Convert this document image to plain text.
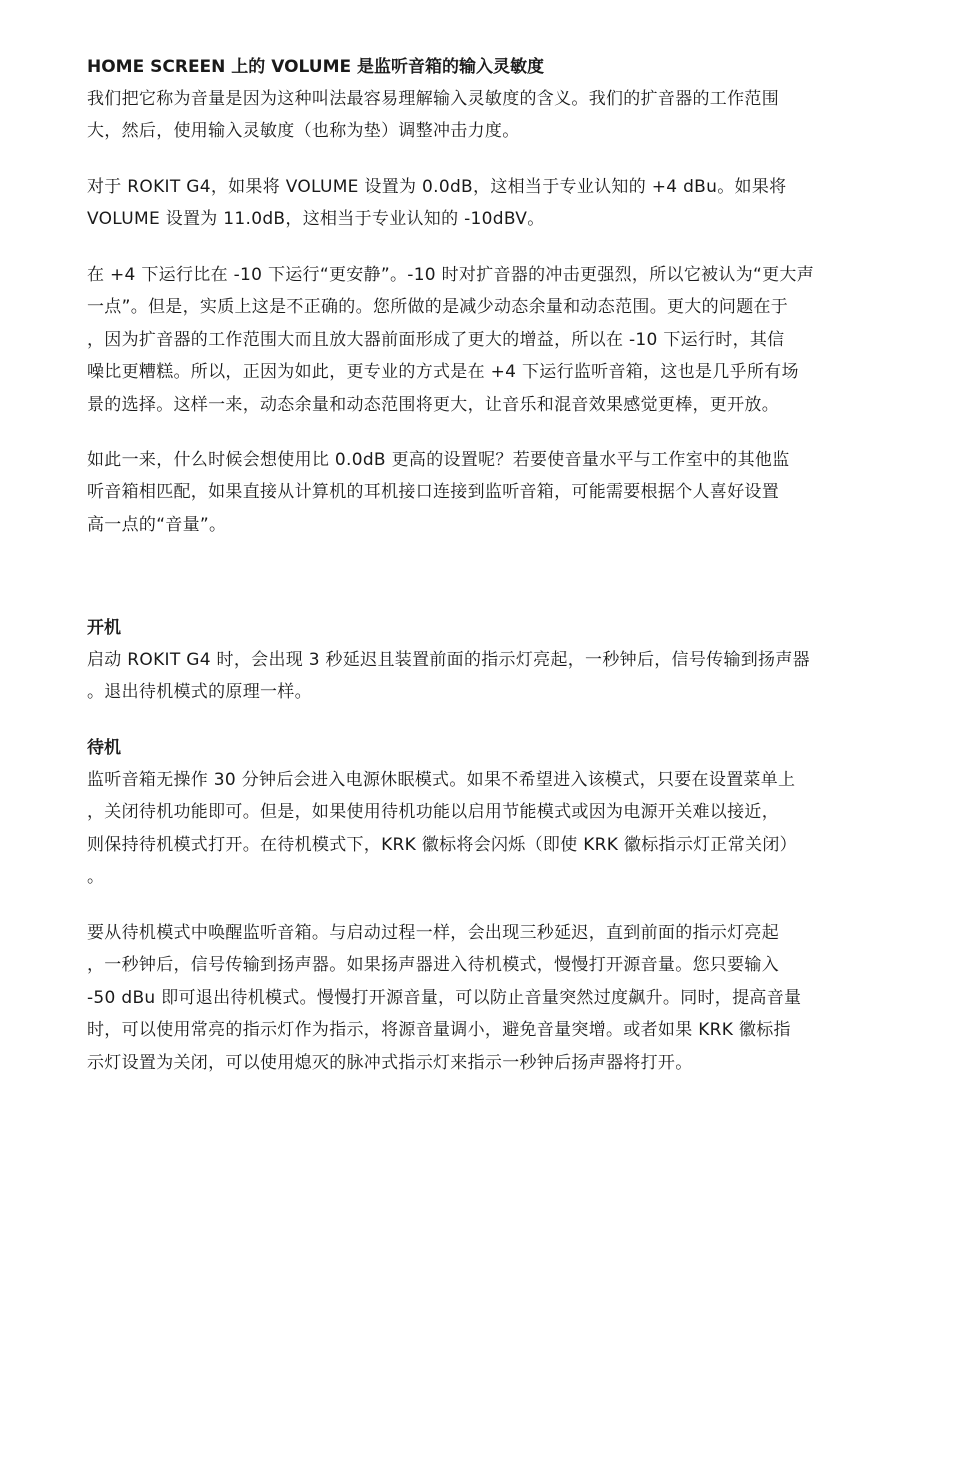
HOME SCREEN 上的 VOLUME 是监听音箱的输入灵敏度
我们把它称为音量是因为这种叫法最容易理解输入灵敏度的含义。我们的扩音器的工作范围
大，然后，使用输入灵敏度（也称为垫）调整冲击力度。
对于 ROKIT G4，如果将 VOLUME 设置为 0.0dB，这相当于专业认知的 +4 dBu。如果将
VOLUME 设置为 11.0dB，这相当于专业认知的 -10dBV。
在 +4 下运行比在 -10 下运行“更安静”。-10 时对扩音器的冲击更强烈，所以它被认为“更大声
一点”。但是，实质上这是不正确的。您所做的是减少动态余量和动态范围。更大的问题在于
，因为扩音器的工作范围大而且放大器前面形成了更大的增益，所以在 -10 下运行时，其信
噪比更糟糕。所以，正因为如此，更专业的方式是在 +4 下运行监听音箱，这也是几乎所有场
景的选择。这样一来，动态余量和动态范围将更大，让音乐和混音效果感觉更棒，更开放。
如此一来，什么时候会想使用比 0.0dB 更高的设置呢？若要使音量水平与工作室中的其他监
听音箱相匹配，如果直接从计算机的耳机接口连接到监听音箱，可能需要根据个人喜好设置
高一点的“音量”。
开机
启动 ROKIT G4 时，会出现 3 秒延迟且装置前面的指示灯亮起，一秒钟后，信号传输到扬声器
。退出待机模式的原理一样。
待机
监听音箱无操作 30 分钟后会进入电源休眠模式。如果不希望进入该模式，只要在设置菜单上
，关闭待机功能即可。但是，如果使用待机功能以启用节能模式或因为电源开关难以接近，
则保持待机模式打开。在待机模式下，KRK 徽标将会闪烁（即使 KRK 徽标指示灯正常关闭）
。
要从待机模式中唤醒监听音箱。与启动过程一样，会出现三秒延迟，直到前面的指示灯亮起
，一秒钟后，信号传输到扬声器。如果扬声器进入待机模式，慢慢打开源音量。您只要输入
-50 dBu 即可退出待机模式。慢慢打开源音量，可以防止音量突然过度飙升。同时，提高音量
时，可以使用常亮的指示灯作为指示，将源音量调小，避免音量突增。或者如果 KRK 徽标指
示灯设置为关闭，可以使用熄灭的脉冲式指示灯来指示一秒钟后扬声器将打开。
